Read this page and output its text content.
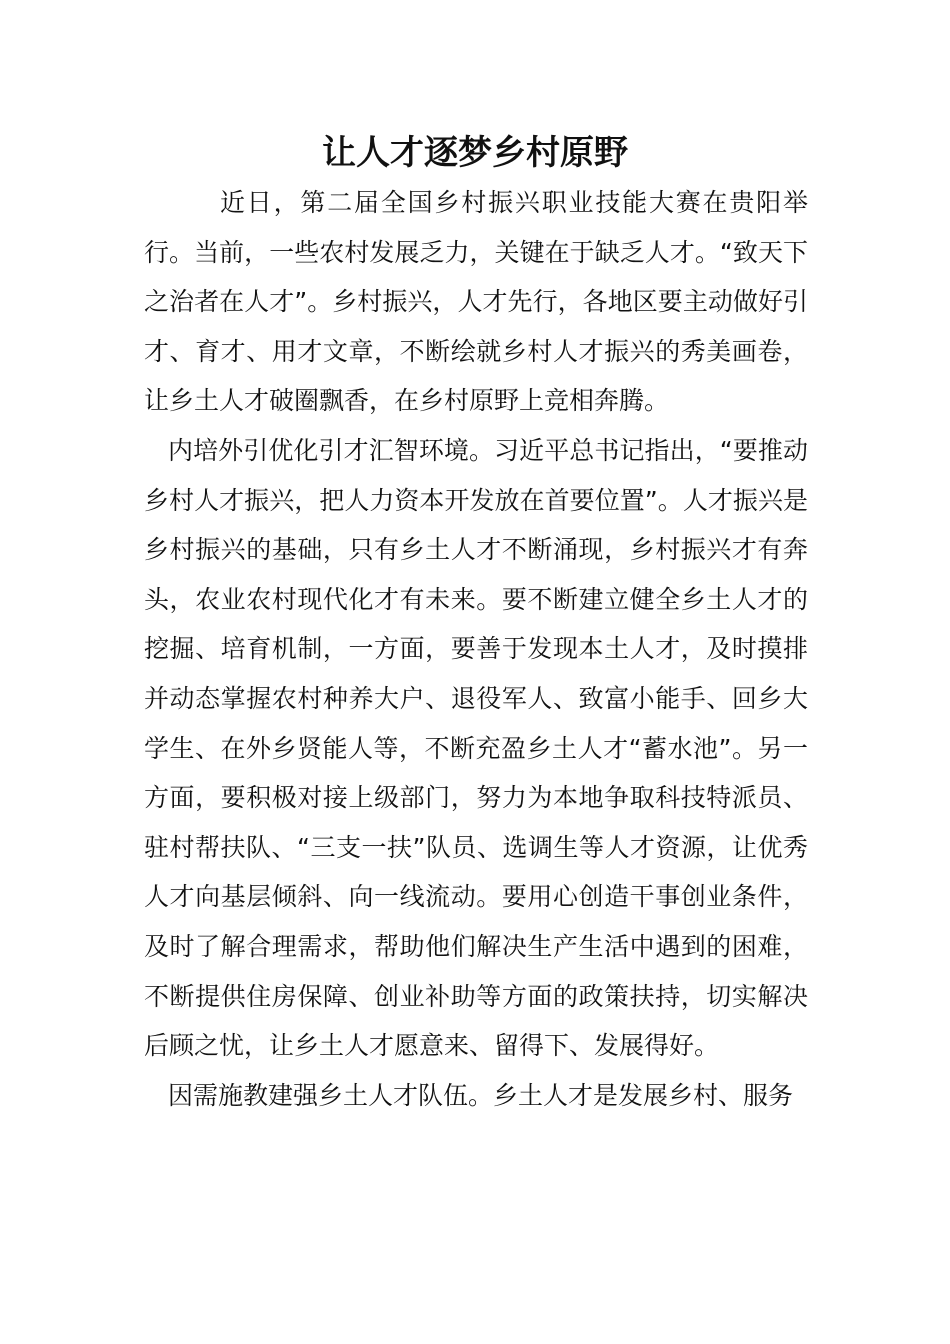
让人才逐梦乡村原野

近日，第二届全国乡村振兴职业技能大赛在贵阳举行。当前，一些农村发展乏力，关键在于缺乏人才。“致天下之治者在人才”。乡村振兴，人才先行，各地区要主动做好引才、育才、用才文章，不断绘就乡村人才振兴的秀美画卷，让乡土人才破圈飘香，在乡村原野上竞相奔腾。

内培外引优化引才汇智环境。习近平总书记指出，“要推动乡村人才振兴，把人力资本开发放在首要位置”。人才振兴是乡村振兴的基础，只有乡土人才不断涌现，乡村振兴才有奔头，农业农村现代化才有未来。要不断建立健全乡土人才的挖掘、培育机制，一方面，要善于发现本土人才，及时摸排并动态掌握农村种养大户、退役军人、致富小能手、回乡大学生、在外乡贤能人等，不断充盈乡土人才“蓄水池”。另一方面，要积极对接上级部门，努力为本地争取科技特派员、驻村帮扶队、“三支一扶”队员、选调生等人才资源，让优秀人才向基层倾斜、向一线流动。要用心创造干事创业条件，及时了解合理需求，帮助他们解决生产生活中遇到的困难，不断提供住房保障、创业补助等方面的政策扶持，切实解决后顾之忧，让乡土人才愿意来、留得下、发展得好。

因需施教建强乡土人才队伍。乡土人才是发展乡村、服务
